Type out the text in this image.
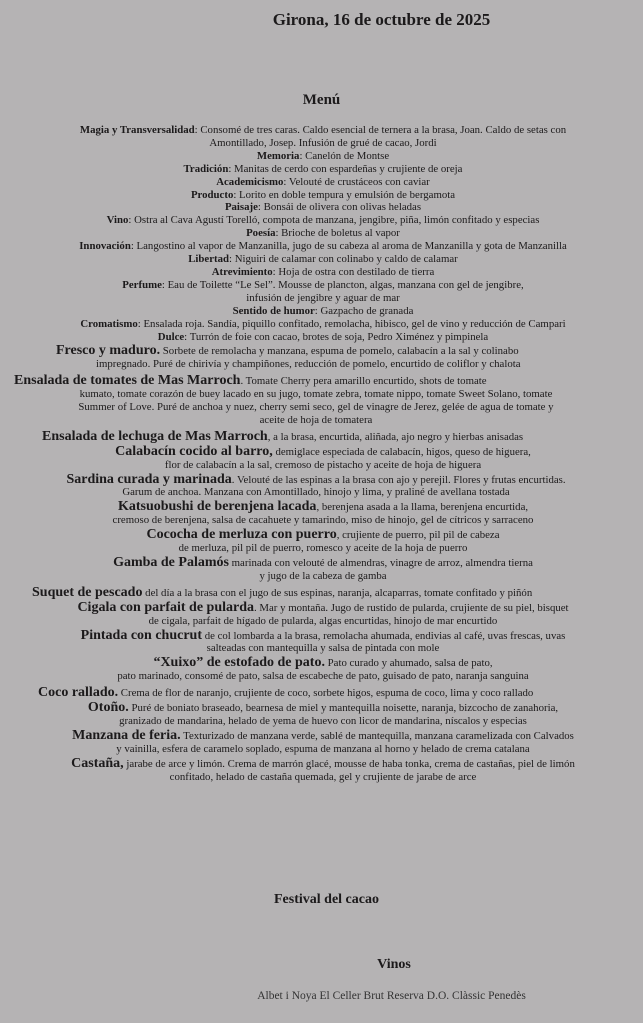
Girona, 16 de octubre de 2025
Menú
Magia y Transversalidad: Consomé de tres caras. Caldo esencial de ternera a la brasa, Joan. Caldo de setas con
Amontillado, Josep. Infusión de grué de cacao, Jordi
Memoria: Canelón de Montse
Tradición: Manitas de cerdo con espardeñas y crujiente de oreja
Academicismo: Velouté de crustáceos con caviar
Producto: Lorito en doble tempura y emulsión de bergamota
Paisaje: Bonsái de olivera con olivas heladas
Vino: Ostra al Cava Agustí Torelló, compota de manzana, jengibre, piña, limón confitado y especias
Poesía: Brioche de boletus al vapor
Innovación: Langostino al vapor de Manzanilla, jugo de su cabeza al aroma de Manzanilla y gota de Manzanilla
Libertad: Niguiri de calamar con colinabo y caldo de calamar
Atrevimiento: Hoja de ostra con destilado de tierra
Perfume: Eau de Toilette “Le Sel”. Mousse de plancton, algas, manzana con gel de jengibre,
infusión de jengibre y aguar de mar
Sentido de humor: Gazpacho de granada
Cromatismo: Ensalada roja. Sandía, piquillo confitado, remolacha, hibisco, gel de vino y reducción de Campari
Dulce: Turrón de foie con cacao, brotes de soja, Pedro Ximénez y pimpinela
Fresco y maduro. Sorbete de remolacha y manzana, espuma de pomelo, calabacín a la sal y colinabo
impregnado. Puré de chirivía y champiñones, reducción de pomelo, encurtido de coliflor y chalota
Ensalada de tomates de Mas Marroch. Tomate Cherry pera amarillo encurtido, shots de tomate
kumato, tomate corazón de buey lacado en su jugo, tomate zebra, tomate nippo, tomate Sweet Solano, tomate
Summer of Love. Puré de anchoa y nuez, cherry semi seco, gel de vinagre de Jerez, gelée de agua de tomate y
aceite de hoja de tomatera
Ensalada de lechuga de Mas Marroch, a la brasa, encurtida, aliñada, ajo negro y hierbas anisadas
Calabacín cocido al barro, demiglace especiada de calabacín, higos, queso de higuera,
flor de calabacín a la sal, cremoso de pistacho y aceite de hoja de higuera
Sardina curada y marinada. Velouté de las espinas a la brasa con ajo y perejil. Flores y frutas encurtidas.
Garum de anchoa. Manzana con Amontillado, hinojo y lima, y praliné de avellana tostada
Katsuobushi de berenjena lacada, berenjena asada a la llama, berenjena encurtida,
cremoso de berenjena, salsa de cacahuete y tamarindo, miso de hinojo, gel de cítricos y sarraceno
Cococha de merluza con puerro, crujiente de puerro, pil pil de cabeza
de merluza, pil pil de puerro, romesco y aceite de la hoja de puerro
Gamba de Palamós marinada con velouté de almendras, vinagre de arroz, almendra tierna
y jugo de la cabeza de gamba
Suquet de pescado del día a la brasa con el jugo de sus espinas, naranja, alcaparras, tomate confitado y piñón
Cigala con parfait de pularda. Mar y montaña. Jugo de rustido de pularda, crujiente de su piel, bisquet
de cigala, parfait de hígado de pularda, algas encurtidas, hinojo de mar encurtido
Pintada con chucrut de col lombarda a la brasa, remolacha ahumada, endivias al café, uvas frescas, uvas
salteadas con mantequilla y salsa de pintada con mole
“Xuixo” de estofado de pato. Pato curado y ahumado, salsa de pato,
pato marinado, consomé de pato, salsa de escabeche de pato, guisado de pato, naranja sanguina
Coco rallado. Crema de flor de naranjo, crujiente de coco, sorbete higos, espuma de coco, lima y coco rallado
Otoño. Puré de boniato braseado, bearnesa de miel y mantequilla noisette, naranja, bizcocho de zanahoria,
granizado de mandarina, helado de yema de huevo con licor de mandarina, níscalos y especias
Manzana de feria. Texturizado de manzana verde, sablé de mantequilla, manzana caramelizada con Calvados
y vainilla, esfera de caramelo soplado, espuma de manzana al horno y helado de crema catalana
Castaña, jarabe de arce y limón. Crema de marrón glacé, mousse de haba tonka, crema de castañas, piel de limón
confitado, helado de castaña quemada, gel y crujiente de jarabe de arce
Festival del cacao
Vinos
Albet i Noya El Celler Brut Reserva D.O. Clàssic Penedès
